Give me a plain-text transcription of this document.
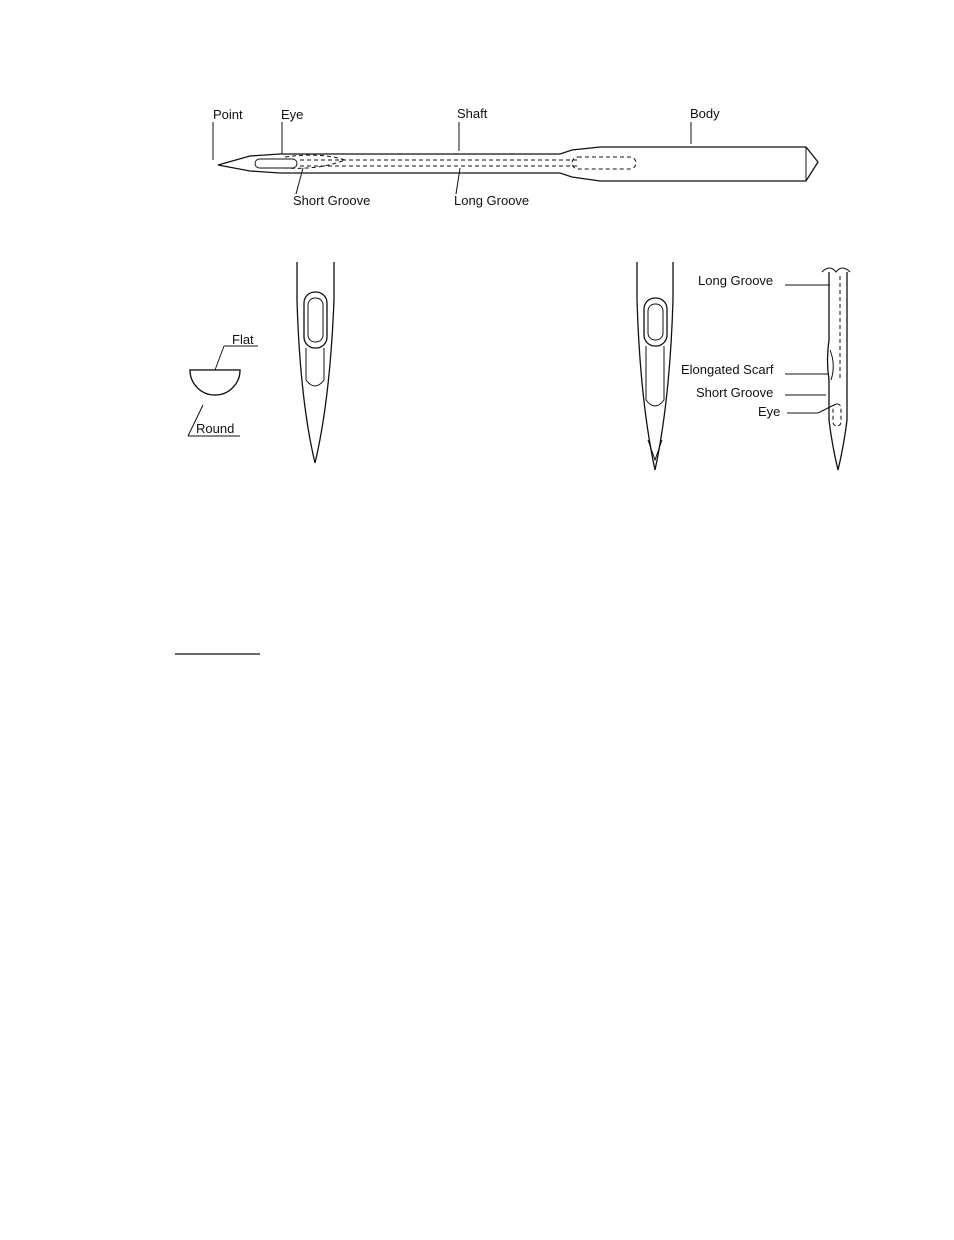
Point	Eye	Shaft	Body
Short Groove	Long Groove
Flat
Round
Long Groove
Elongated Scarf
Short Groove
Eye
